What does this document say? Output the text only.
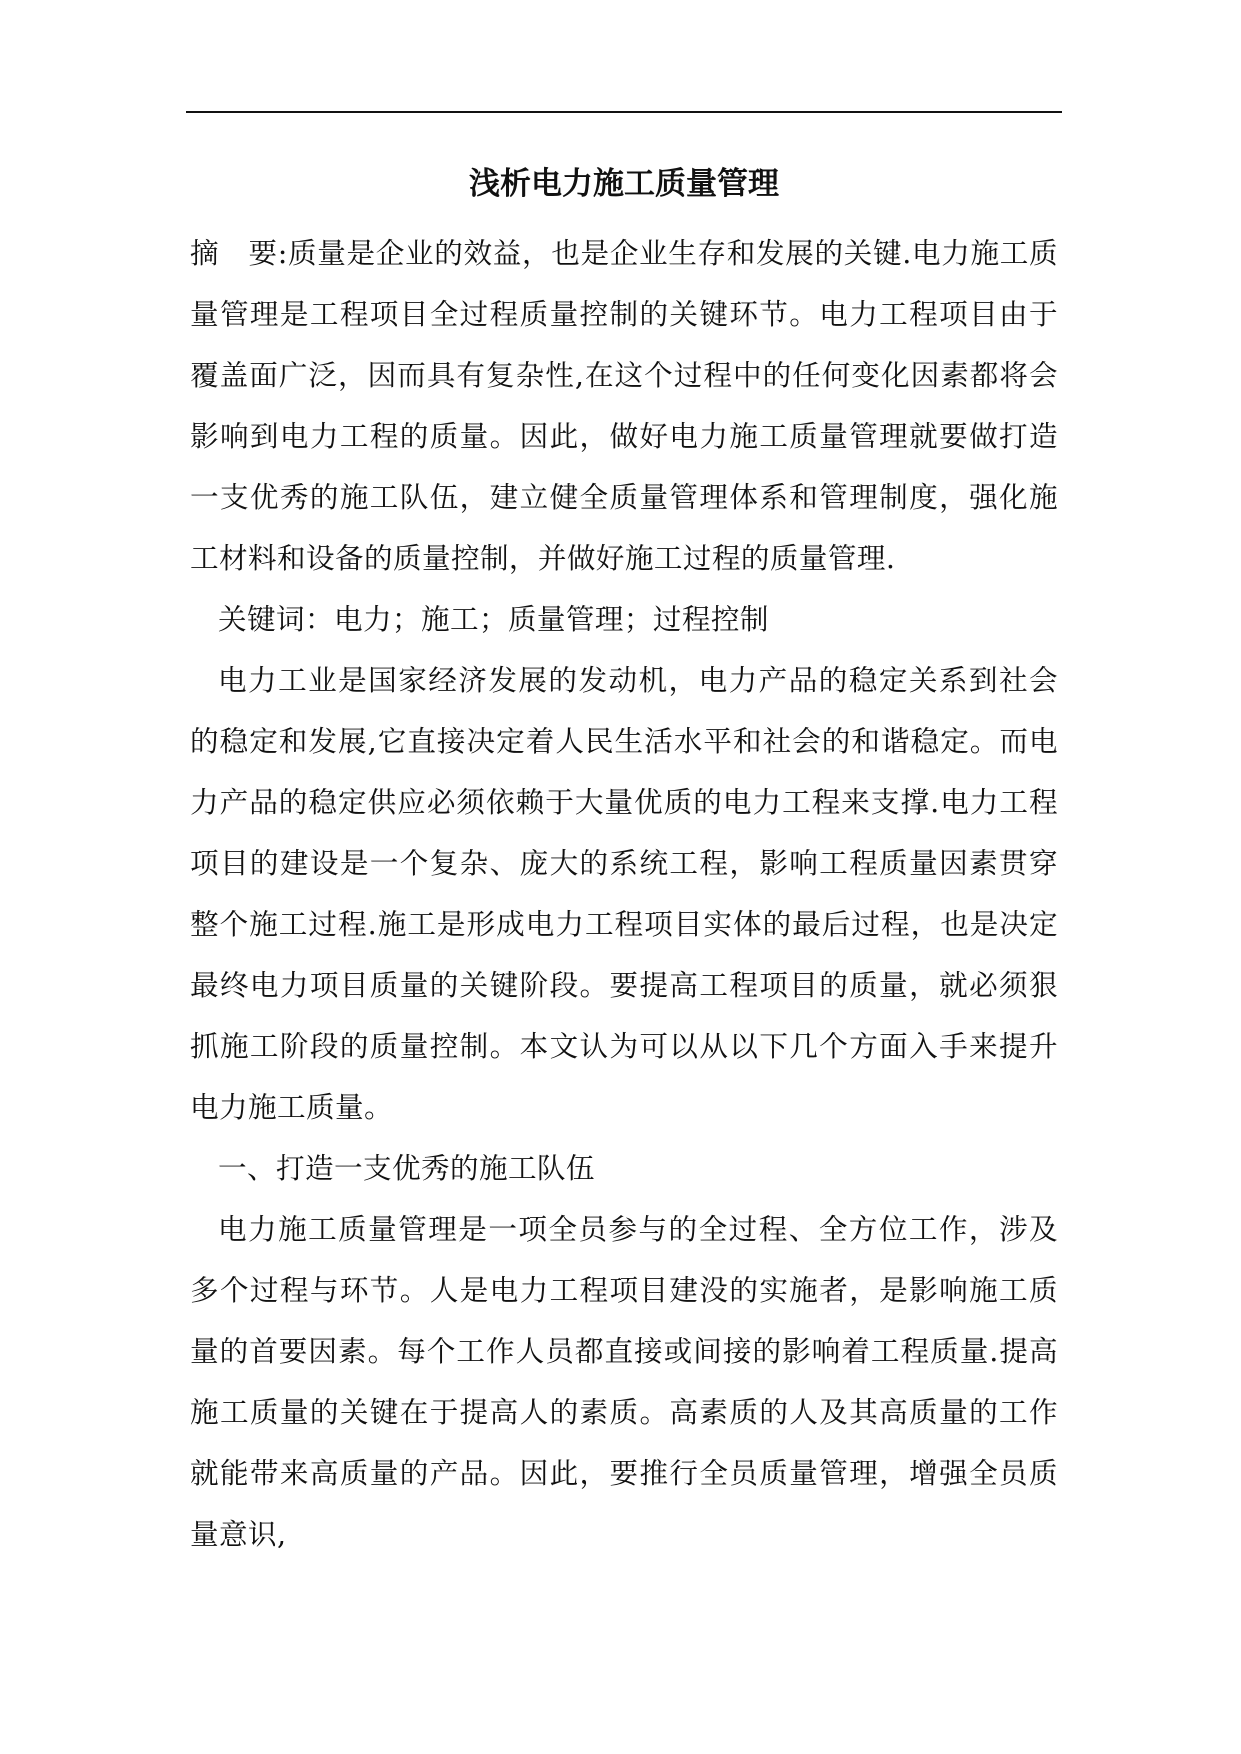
浅析电力施工质量管理

摘　要:质量是企业的效益，也是企业生存和发展的关键.电力施工质量管理是工程项目全过程质量控制的关键环节。电力工程项目由于覆盖面广泛，因而具有复杂性,在这个过程中的任何变化因素都将会影响到电力工程的质量。因此，做好电力施工质量管理就要做打造一支优秀的施工队伍，建立健全质量管理体系和管理制度，强化施工材料和设备的质量控制，并做好施工过程的质量管理.

关键词：电力；施工；质量管理；过程控制

电力工业是国家经济发展的发动机，电力产品的稳定关系到社会的稳定和发展,它直接决定着人民生活水平和社会的和谐稳定。而电力产品的稳定供应必须依赖于大量优质的电力工程来支撑.电力工程项目的建设是一个复杂、庞大的系统工程，影响工程质量因素贯穿整个施工过程.施工是形成电力工程项目实体的最后过程，也是决定最终电力项目质量的关键阶段。要提高工程项目的质量，就必须狠抓施工阶段的质量控制。本文认为可以从以下几个方面入手来提升电力施工质量。

一、打造一支优秀的施工队伍

电力施工质量管理是一项全员参与的全过程、全方位工作，涉及多个过程与环节。人是电力工程项目建没的实施者，是影响施工质量的首要因素。每个工作人员都直接或间接的影响着工程质量.提高施工质量的关键在于提高人的素质。高素质的人及其高质量的工作就能带来高质量的产品。因此，要推行全员质量管理，增强全员质量意识,
